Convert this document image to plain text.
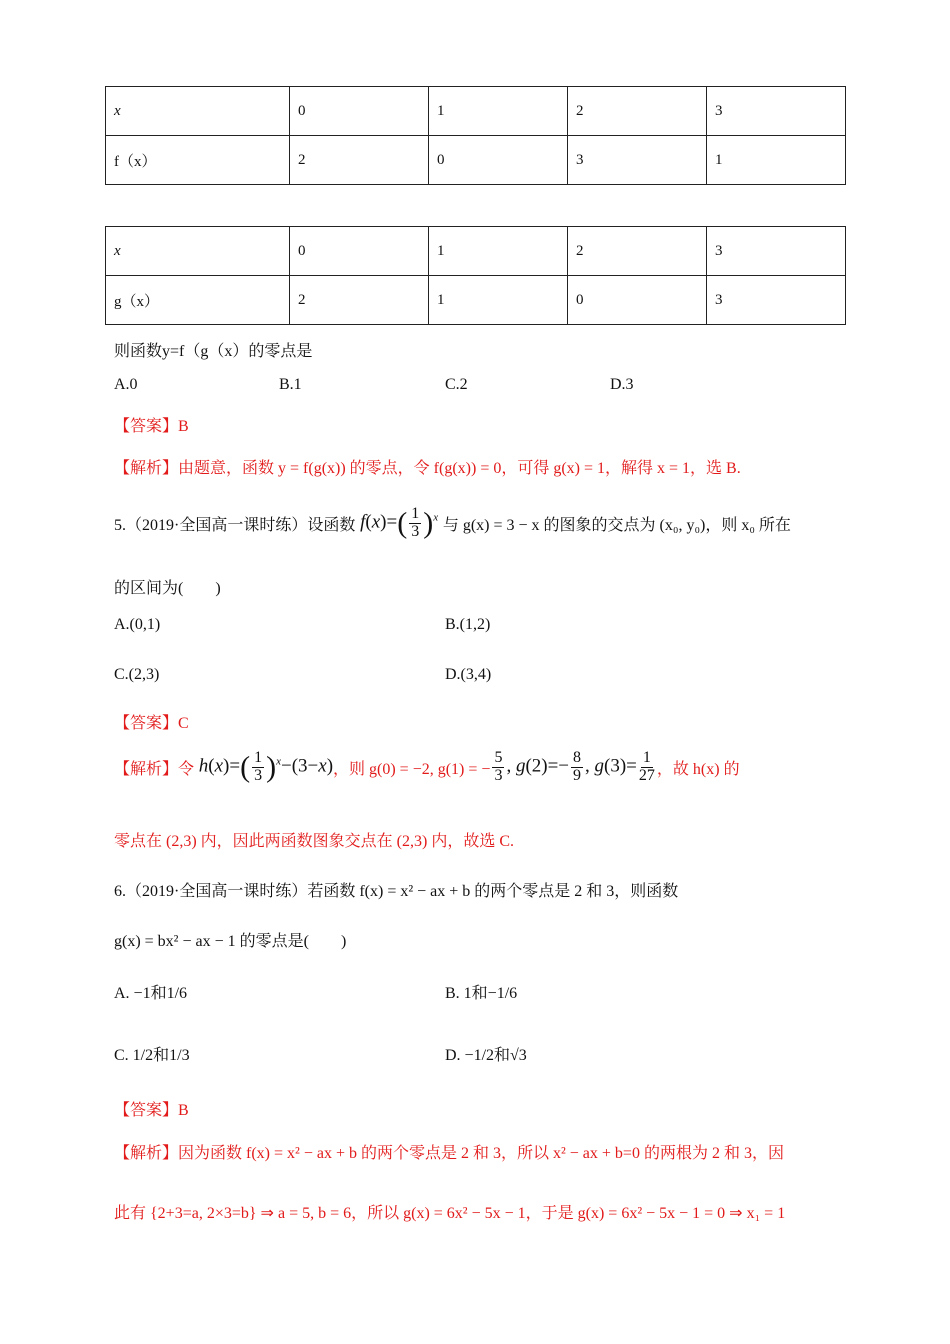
x	0	1	2	3
f（x）	2	0	3	1
x	0	1	2	3
g（x）	2	1	0	3
则函数y=f（g（x）的零点是
A.0	B.1	C.2	D.3
【答案】B
【解析】由题意，函数 y = f(g(x)) 的零点，令 f(g(x)) = 0，可得 g(x) = 1，解得 x = 1，选 B.
5.（2019·全国高一课时练）设函数 $f(x)=( \frac{1}{3} )^x$ 与 g(x) = 3 − x 的图象的交点为 (x₀, y₀)，则 x₀ 所在
的区间为(　　)
A.(0,1)	B.(1,2)
C.(2,3)	D.(3,4)
【答案】C
【解析】 令 $h(x)=( \frac{1}{3} )^x-(3-x)$ ，则 g(0) = −2, g(1) = − $\frac{5}{3}$ , $g(2)=- \frac{8}{9}$ , $g(3)= \frac{1}{27}$ ，故 h(x) 的
零点在 (2,3) 内，因此两函数图象交点在 (2,3) 内，故选 C.
6.（2019·全国高一课时练）若函数 f(x) = x² − ax + b 的两个零点是 2 和 3，则函数
g(x) = bx² − ax − 1 的零点是(　　)
A. −1和1/6	B. 1和−1/6
C. 1/2和1/3	D. −1/2和√3
【答案】B
【解析】因为函数 f(x) = x² − ax + b 的两个零点是 2 和 3，所以 x² − ax + b=0 的两根为 2 和 3，因
此有 {2+3=a, 2×3=b} ⇒ a = 5, b = 6，所以 g(x) = 6x² − 5x − 1，于是 g(x) = 6x² − 5x − 1 = 0 ⇒ x₁ = 1
